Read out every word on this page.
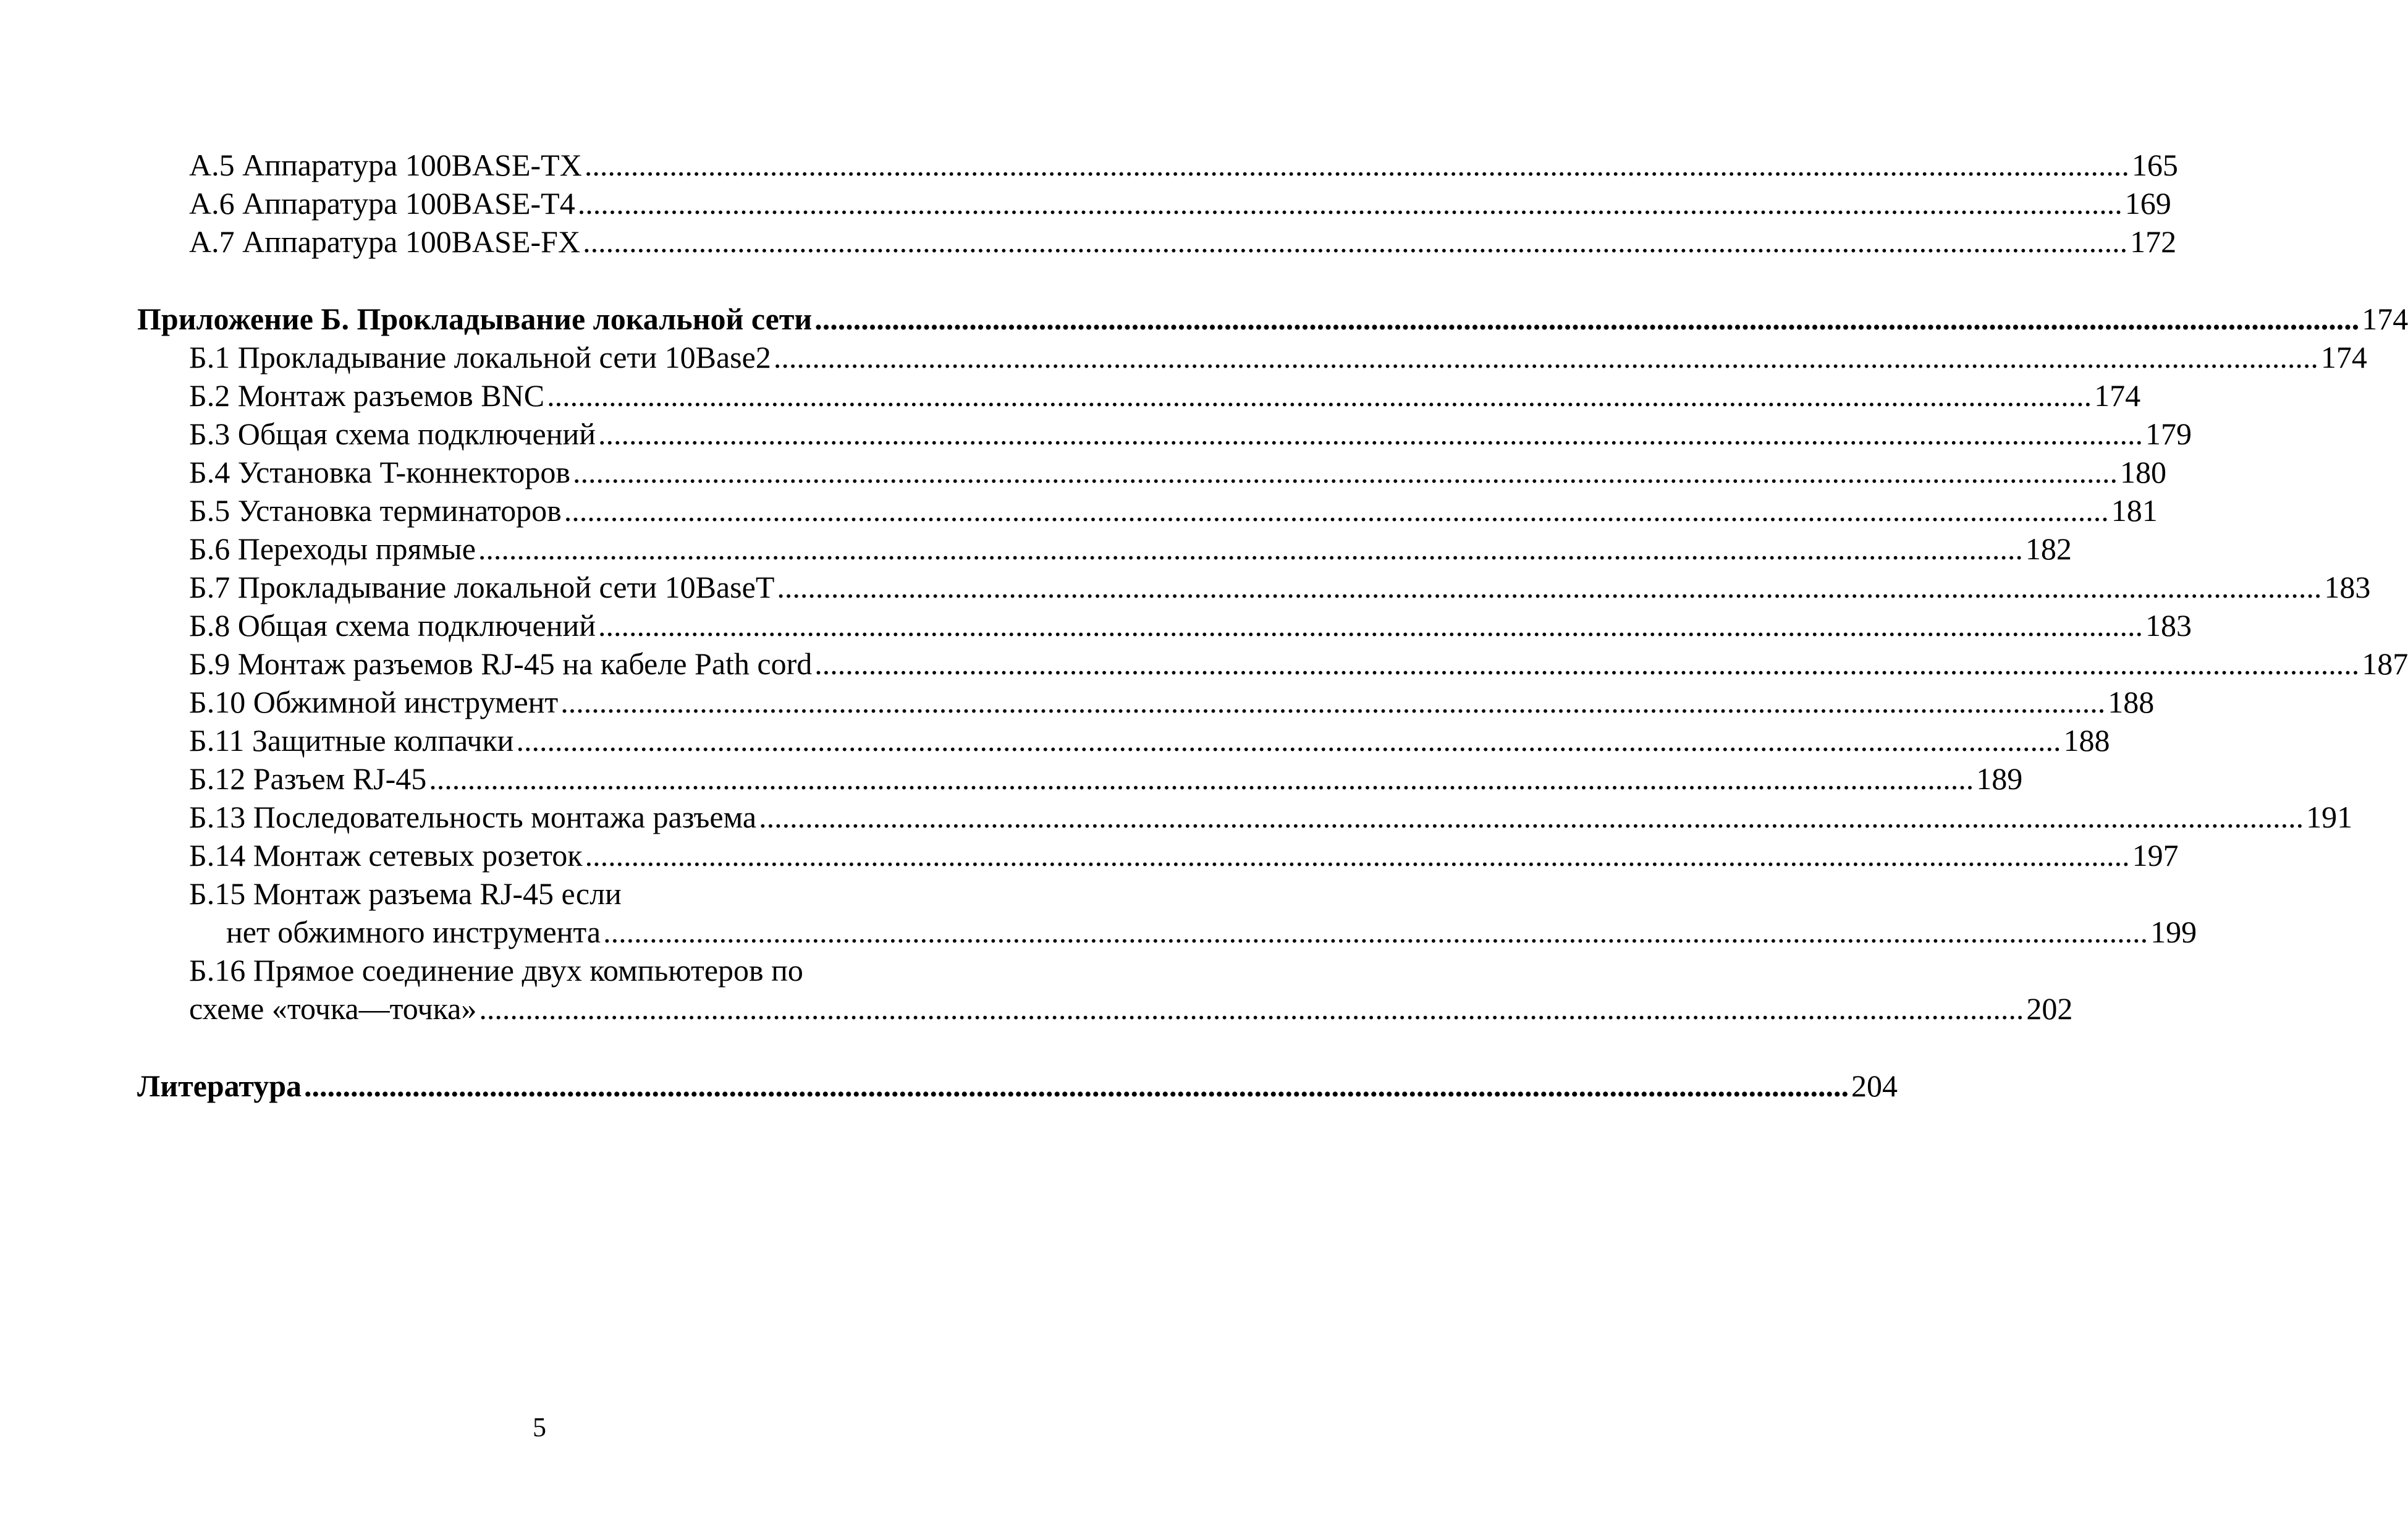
А.5 Аппаратура 100BASE-TX ........................................................................................................................................................................................................ 165
А.6 Аппаратура 100BASE-T4 ........................................................................................................................................................................................................ 169
А.7 Аппаратура 100BASE-FX ........................................................................................................................................................................................................ 172
Приложение Б. Прокладывание локальной сети ........................................................................................................................................................................................................ 174
Б.1 Прокладывание локальной сети 10Base2 ........................................................................................................................................................................................................ 174
Б.2 Монтаж разъемов BNC ........................................................................................................................................................................................................ 174
Б.3 Общая схема подключений ........................................................................................................................................................................................................ 179
Б.4 Установка T-коннекторов ........................................................................................................................................................................................................ 180
Б.5 Установка терминаторов ........................................................................................................................................................................................................ 181
Б.6 Переходы прямые ........................................................................................................................................................................................................ 182
Б.7 Прокладывание локальной сети 10BaseT ........................................................................................................................................................................................................ 183
Б.8 Общая схема подключений ........................................................................................................................................................................................................ 183
Б.9 Монтаж разъемов RJ-45 на кабеле Path cord ........................................................................................................................................................................................................ 187
Б.10 Обжимной инструмент ........................................................................................................................................................................................................ 188
Б.11 Защитные колпачки ........................................................................................................................................................................................................ 188
Б.12 Разъем RJ-45 ........................................................................................................................................................................................................ 189
Б.13 Последовательность монтажа разъема ........................................................................................................................................................................................................ 191
Б.14 Монтаж сетевых розеток ........................................................................................................................................................................................................ 197
Б.15 Монтаж разъема RJ-45 если
нет обжимного инструмента ........................................................................................................................................................................................................ 199
Б.16 Прямое соединение двух компьютеров по
схеме «точка—точка» ........................................................................................................................................................................................................ 202
Литература ........................................................................................................................................................................................................ 204
5
